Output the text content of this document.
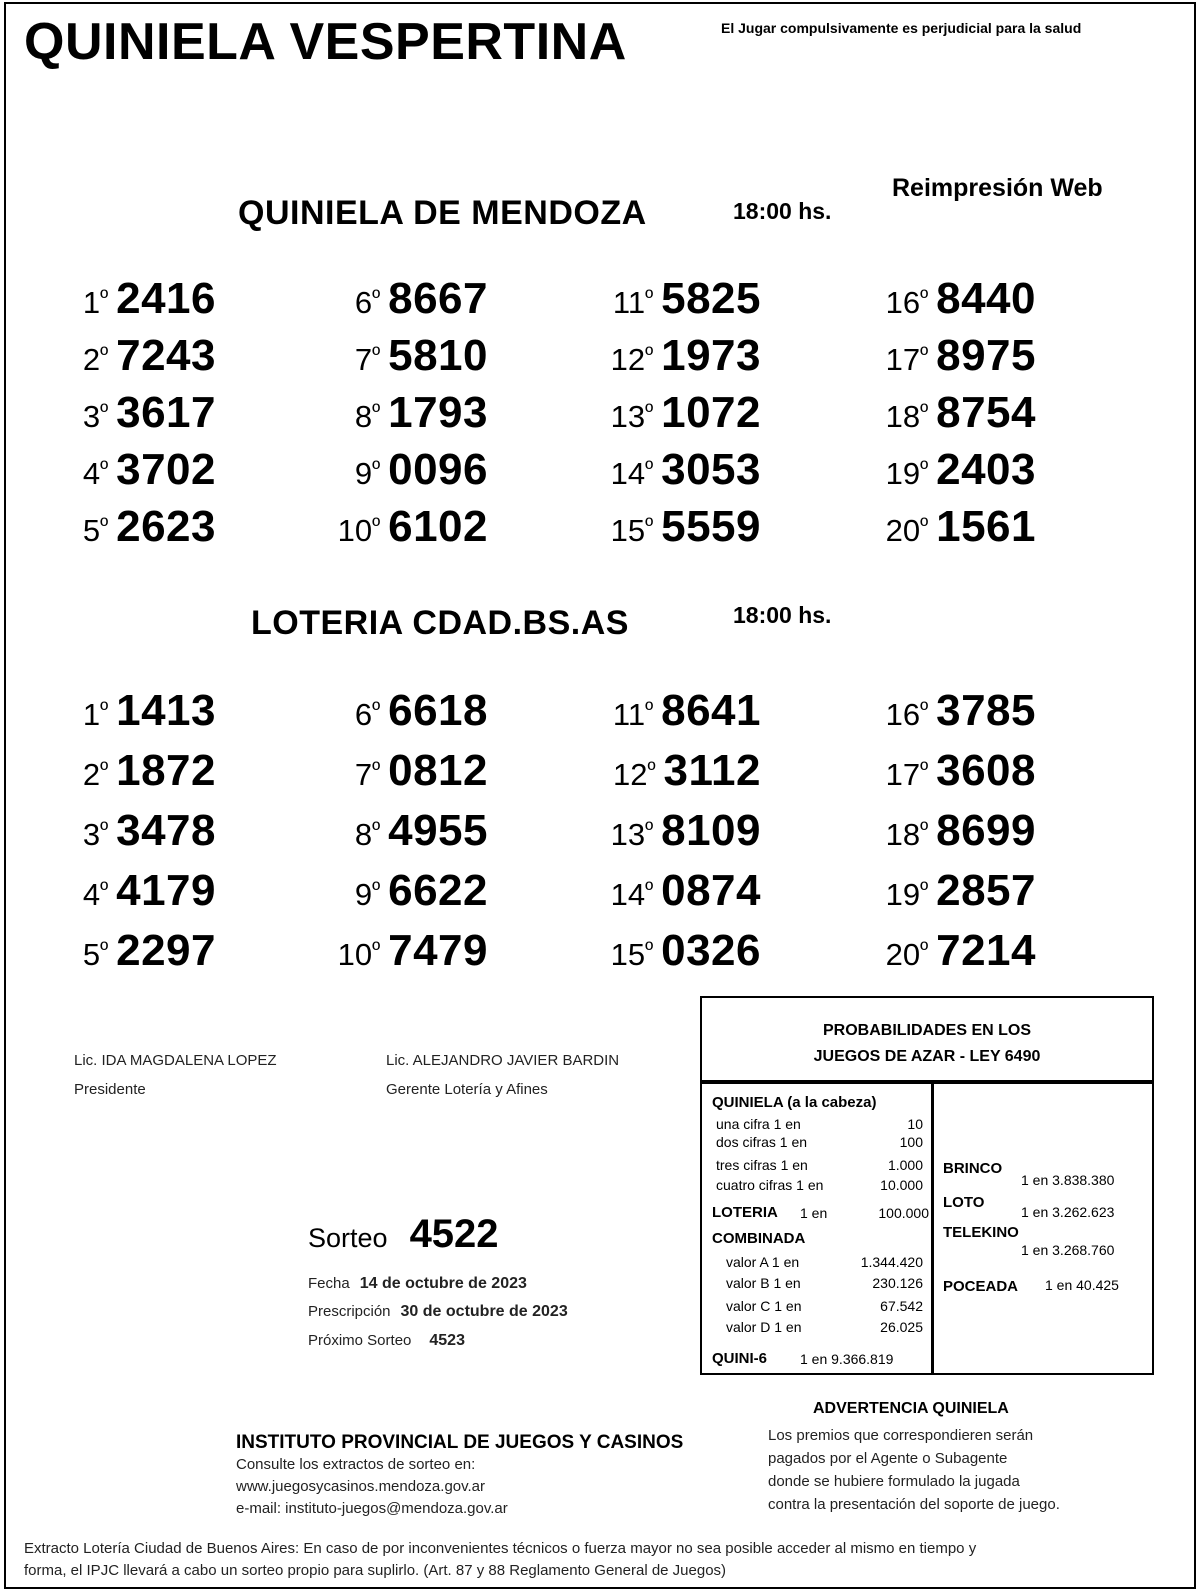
QUINIELA VESPERTINA	El Jugar compulsivamente es perjudicial para la salud
Reimpresión Web
QUINIELA DE MENDOZA	18:00 hs.
$1^º$ 2416
$2^º$ 7243
$3^º$ 3617
$4^º$ 3702
$5^º$ 2623
$6^º$ 8667
$7^º$ 5810
$8^º$ 1793
$9^º$ 0096
$10^º$ 6102
$11^º$ 5825
$12^º$ 1973
$13^º$ 1072
$14^º$ 3053
$15^º$ 5559
$16^º$ 8440
$17^º$ 8975
$18^º$ 8754
$19^º$ 2403
$20^º$ 1561
LOTERIA CDAD.BS.AS	18:00 hs.
$1^º$ 1413
$2^º$ 1872
$3^º$ 3478
$4^º$ 4179
$5^º$ 2297
$6^º$ 6618
$7^º$ 0812
$8^º$ 4955
$9^º$ 6622
$10^º$ 7479
$11^º$ 8641
$12^º$ 3112
$13^º$ 8109
$14^º$ 0874
$15^º$ 0326
$16^º$ 3785
$17^º$ 3608
$18^º$ 8699
$19^º$ 2857
$20^º$ 7214
Lic. IDA MAGDALENA LOPEZ
Presidente
Lic. ALEJANDRO JAVIER BARDIN
Gerente Lotería y Afines
Sorteo 4522
Fecha 14 de octubre de 2023
Prescripción 30 de octubre de 2023
Próximo Sorteo 4523
PROBABILIDADES EN LOS
JUEGOS DE AZAR - LEY 6490
QUINIELA (a la cabeza)
una cifra 1 en	10
dos cifras 1 en	100
tres cifras 1 en	1.000
cuatro cifras 1 en	10.000
LOTERIA 1 en	100.000
COMBINADA
valor A 1 en	1.344.420
valor B 1 en	230.126
valor C 1 en	67.542
valor D 1 en	26.025
QUINI-6 1 en 9.366.819
BRINCO
1 en 3.838.380
LOTO
1 en 3.262.623
TELEKINO
1 en 3.268.760
POCEADA 1 en 40.425
ADVERTENCIA QUINIELA
Los premios que correspondieren serán
pagados por el Agente o Subagente
donde se hubiere formulado la jugada
contra la presentación del soporte de juego.
INSTITUTO PROVINCIAL DE JUEGOS Y CASINOS
Consulte los extractos de sorteo en:
www.juegosycasinos.mendoza.gov.ar
e-mail: instituto-juegos@mendoza.gov.ar
Extracto Lotería Ciudad de Buenos Aires: En caso de por inconvenientes técnicos o fuerza mayor no sea posible acceder al mismo en tiempo y
forma, el IPJC llevará a cabo un sorteo propio para suplirlo. (Art. 87 y 88 Reglamento General de Juegos)
